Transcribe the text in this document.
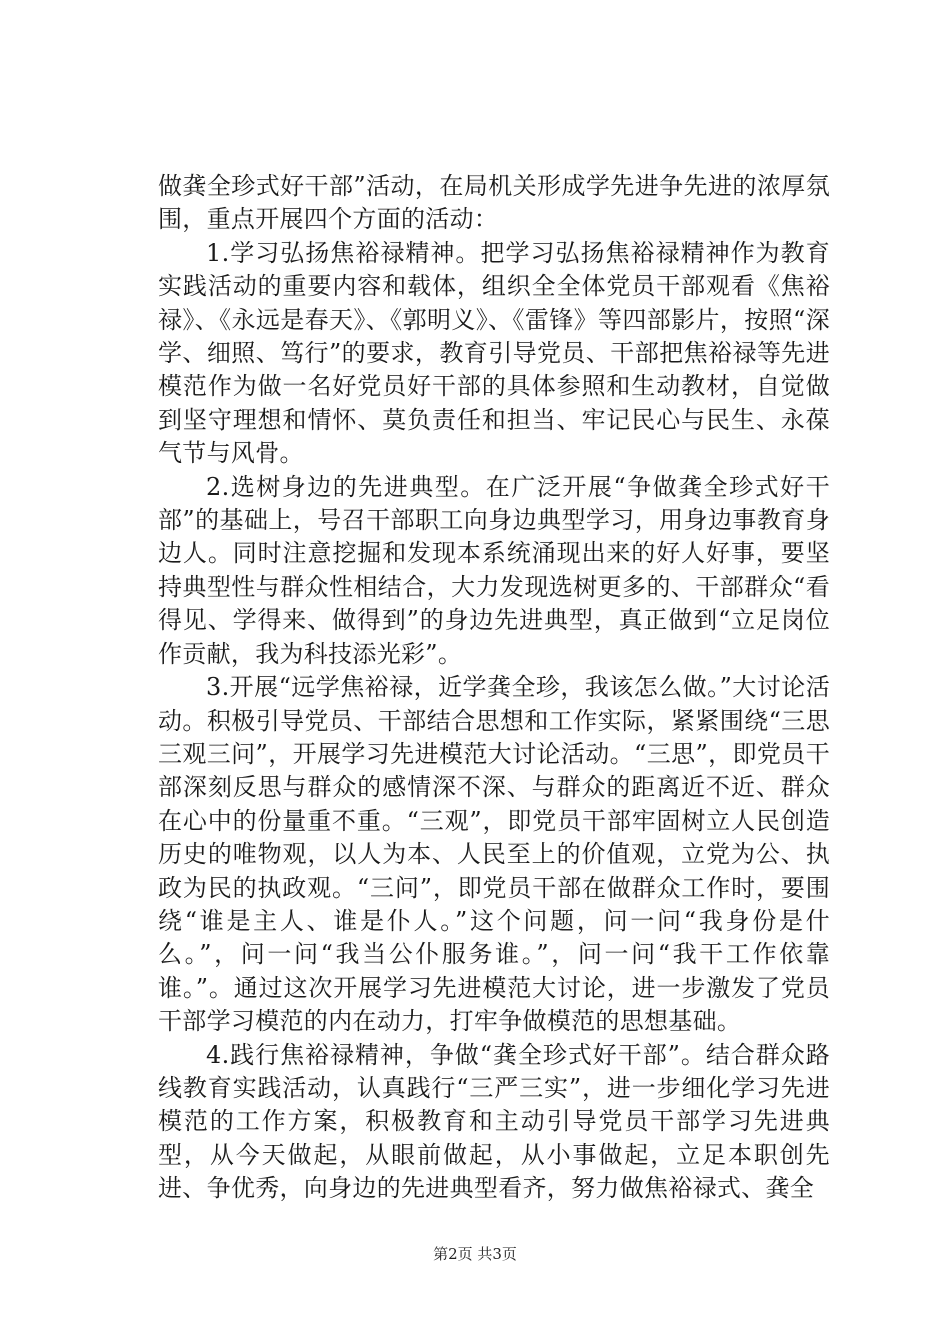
做龚全珍式好干部”活动，在局机关形成学先进争先进的浓厚氛围，重点开展四个方面的活动：

1.学习弘扬焦裕禄精神。把学习弘扬焦裕禄精神作为教育实践活动的重要内容和载体，组织全全体党员干部观看《焦裕禄》、《永远是春天》、《郭明义》、《雷锋》等四部影片，按照“深学、细照、笃行”的要求，教育引导党员、干部把焦裕禄等先进模范作为做一名好党员好干部的具体参照和生动教材，自觉做到坚守理想和情怀、莫负责任和担当、牢记民心与民生、永葆气节与风骨。

2.选树身边的先进典型。在广泛开展“争做龚全珍式好干部”的基础上，号召干部职工向身边典型学习，用身边事教育身边人。同时注意挖掘和发现本系统涌现出来的好人好事，要坚持典型性与群众性相结合，大力发现选树更多的、干部群众“看得见、学得来、做得到”的身边先进典型，真正做到“立足岗位作贡献，我为科技添光彩”。

3.开展“远学焦裕禄，近学龚全珍，我该怎么做。”大讨论活动。积极引导党员、干部结合思想和工作实际，紧紧围绕“三思三观三问”，开展学习先进模范大讨论活动。“三思”，即党员干部深刻反思与群众的感情深不深、与群众的距离近不近、群众在心中的份量重不重。“三观”，即党员干部牢固树立人民创造历史的唯物观，以人为本、人民至上的价值观，立党为公、执政为民的执政观。“三问”，即党员干部在做群众工作时，要围绕“谁是主人、谁是仆人。”这个问题，问一问“我身份是什么。”，问一问“我当公仆服务谁。”，问一问“我干工作依靠谁。”。通过这次开展学习先进模范大讨论，进一步激发了党员干部学习模范的内在动力，打牢争做模范的思想基础。

4.践行焦裕禄精神，争做“龚全珍式好干部”。结合群众路线教育实践活动，认真践行“三严三实”，进一步细化学习先进模范的工作方案，积极教育和主动引导党员干部学习先进典型，从今天做起，从眼前做起，从小事做起，立足本职创先进、争优秀，向身边的先进典型看齐，努力做焦裕禄式、龚全

第2页 共3页
